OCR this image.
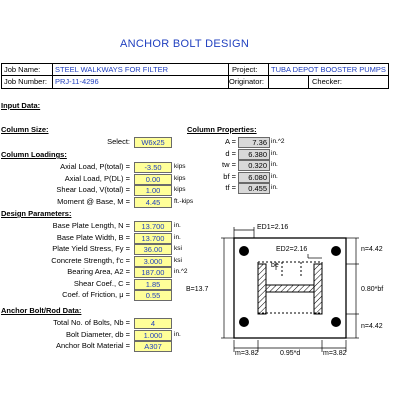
ANCHOR BOLT DESIGN
Job Name:	STEEL WALKWAYS FOR FILTER	Project:	TUBA DEPOT BOOSTER PUMPS
Job Number:	PRJ-11-4296	Originator:	Checker:
Input Data:
Column Size:
Select:	W6x25
Column Properties:
A =	7.36 in.^2
d =	6.380 in.
tw =	0.320 in.
bf =	6.080 in.
tf =	0.455 in.
Column Loadings:
Axial Load, P(total) =	-3.50	kips
Axial Load, P(DL) =	0.00	kips
Shear Load, V(total) =	1.00	kips
Moment @ Base, M =	4.45	ft.-kips
Design Parameters:
Base Plate Length, N =	13.700	in.
Base Plate Width, B =	13.700	in.
Plate Yield Stress, Fy =	36.00	ksi
Concrete Strength, f'c =	3.000	ksi
Bearing Area, A2 =	187.00	in.^2
Shear Coef., C =	1.85
Coef. of Friction, μ =	0.55
Anchor Bolt/Rod Data:
Total No. of Bolts, Nb =	4
Bolt Diameter, db =	1.000	in.
Anchor Bolt Material =	A307
ED1=2.16
ED2=2.16
be
B=13.7
n=4.42
0.80*bf
n=4.42
m=3.82	0.95*d	m=3.82
